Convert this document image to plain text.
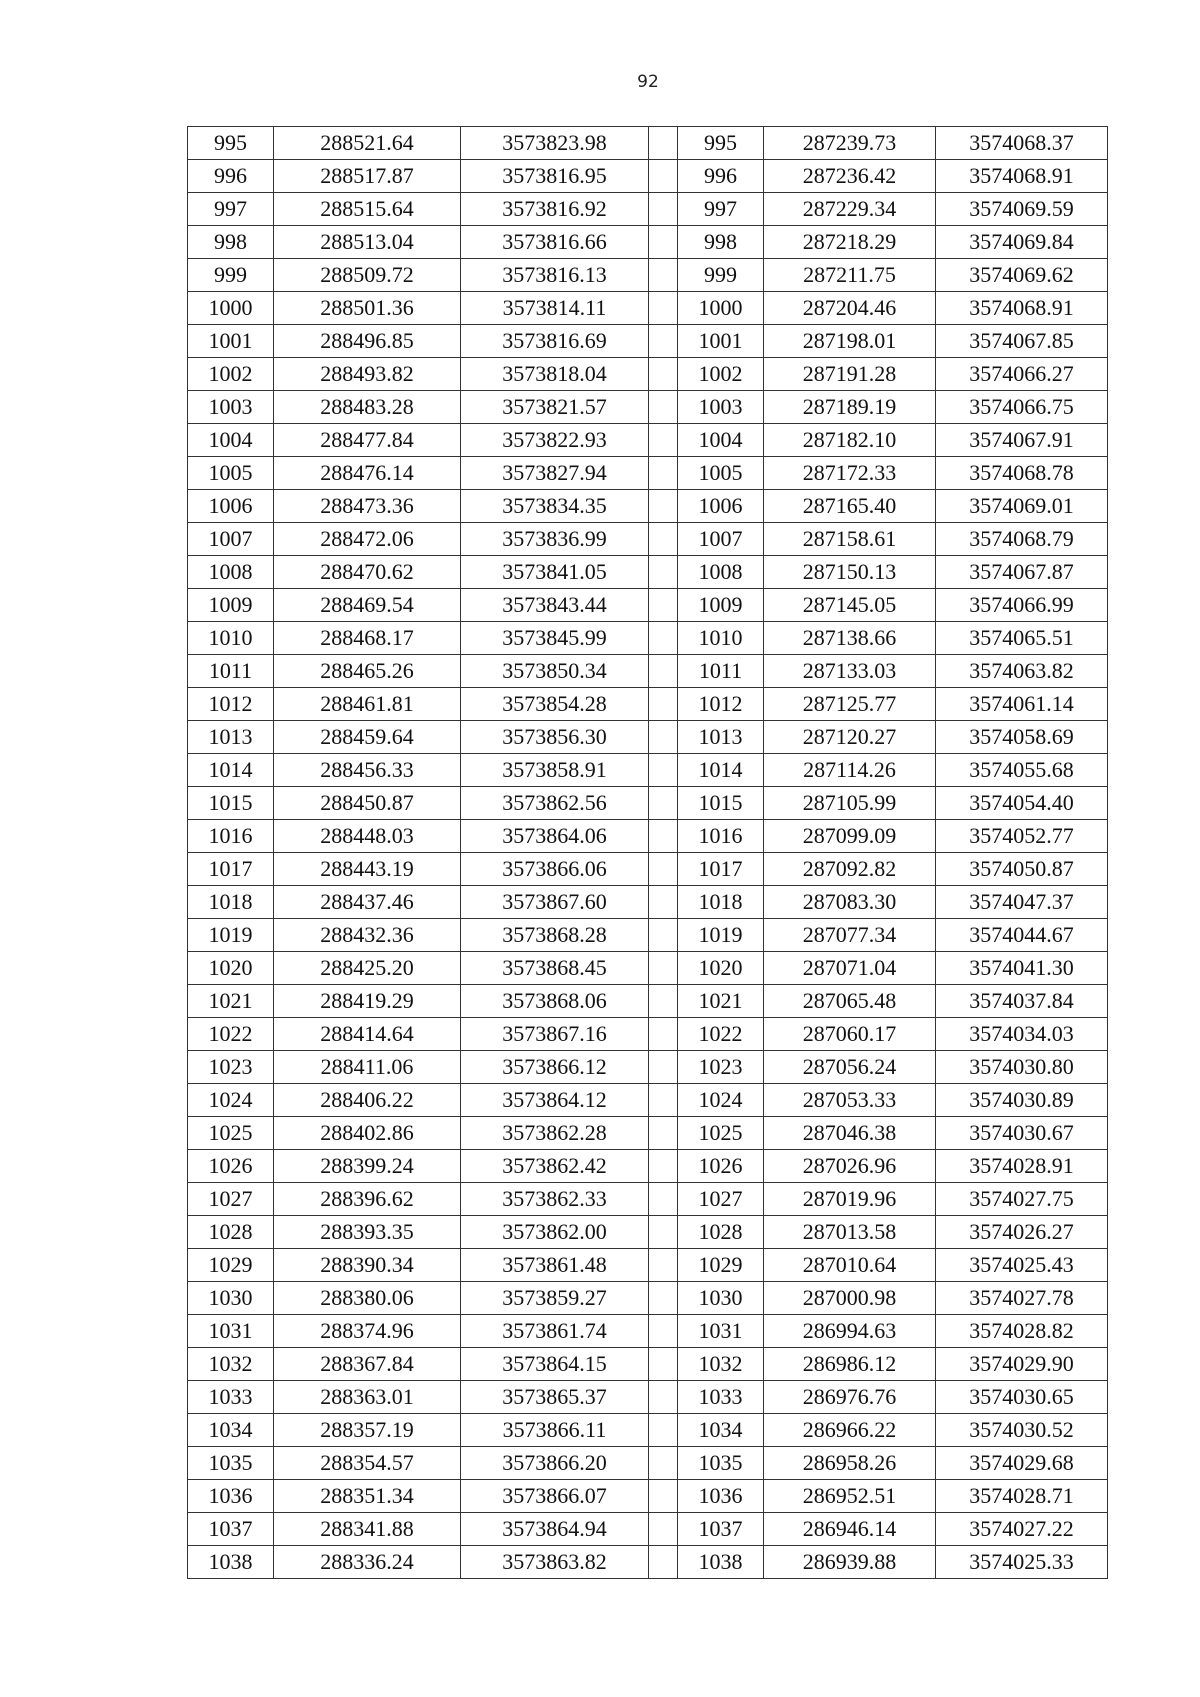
92
995	288521.64	3573823.98		995	287239.73	3574068.37
996	288517.87	3573816.95		996	287236.42	3574068.91
997	288515.64	3573816.92		997	287229.34	3574069.59
998	288513.04	3573816.66		998	287218.29	3574069.84
999	288509.72	3573816.13		999	287211.75	3574069.62
1000	288501.36	3573814.11		1000	287204.46	3574068.91
1001	288496.85	3573816.69		1001	287198.01	3574067.85
1002	288493.82	3573818.04		1002	287191.28	3574066.27
1003	288483.28	3573821.57		1003	287189.19	3574066.75
1004	288477.84	3573822.93		1004	287182.10	3574067.91
1005	288476.14	3573827.94		1005	287172.33	3574068.78
1006	288473.36	3573834.35		1006	287165.40	3574069.01
1007	288472.06	3573836.99		1007	287158.61	3574068.79
1008	288470.62	3573841.05		1008	287150.13	3574067.87
1009	288469.54	3573843.44		1009	287145.05	3574066.99
1010	288468.17	3573845.99		1010	287138.66	3574065.51
1011	288465.26	3573850.34		1011	287133.03	3574063.82
1012	288461.81	3573854.28		1012	287125.77	3574061.14
1013	288459.64	3573856.30		1013	287120.27	3574058.69
1014	288456.33	3573858.91		1014	287114.26	3574055.68
1015	288450.87	3573862.56		1015	287105.99	3574054.40
1016	288448.03	3573864.06		1016	287099.09	3574052.77
1017	288443.19	3573866.06		1017	287092.82	3574050.87
1018	288437.46	3573867.60		1018	287083.30	3574047.37
1019	288432.36	3573868.28		1019	287077.34	3574044.67
1020	288425.20	3573868.45		1020	287071.04	3574041.30
1021	288419.29	3573868.06		1021	287065.48	3574037.84
1022	288414.64	3573867.16		1022	287060.17	3574034.03
1023	288411.06	3573866.12		1023	287056.24	3574030.80
1024	288406.22	3573864.12		1024	287053.33	3574030.89
1025	288402.86	3573862.28		1025	287046.38	3574030.67
1026	288399.24	3573862.42		1026	287026.96	3574028.91
1027	288396.62	3573862.33		1027	287019.96	3574027.75
1028	288393.35	3573862.00		1028	287013.58	3574026.27
1029	288390.34	3573861.48		1029	287010.64	3574025.43
1030	288380.06	3573859.27		1030	287000.98	3574027.78
1031	288374.96	3573861.74		1031	286994.63	3574028.82
1032	288367.84	3573864.15		1032	286986.12	3574029.90
1033	288363.01	3573865.37		1033	286976.76	3574030.65
1034	288357.19	3573866.11		1034	286966.22	3574030.52
1035	288354.57	3573866.20		1035	286958.26	3574029.68
1036	288351.34	3573866.07		1036	286952.51	3574028.71
1037	288341.88	3573864.94		1037	286946.14	3574027.22
1038	288336.24	3573863.82		1038	286939.88	3574025.33
